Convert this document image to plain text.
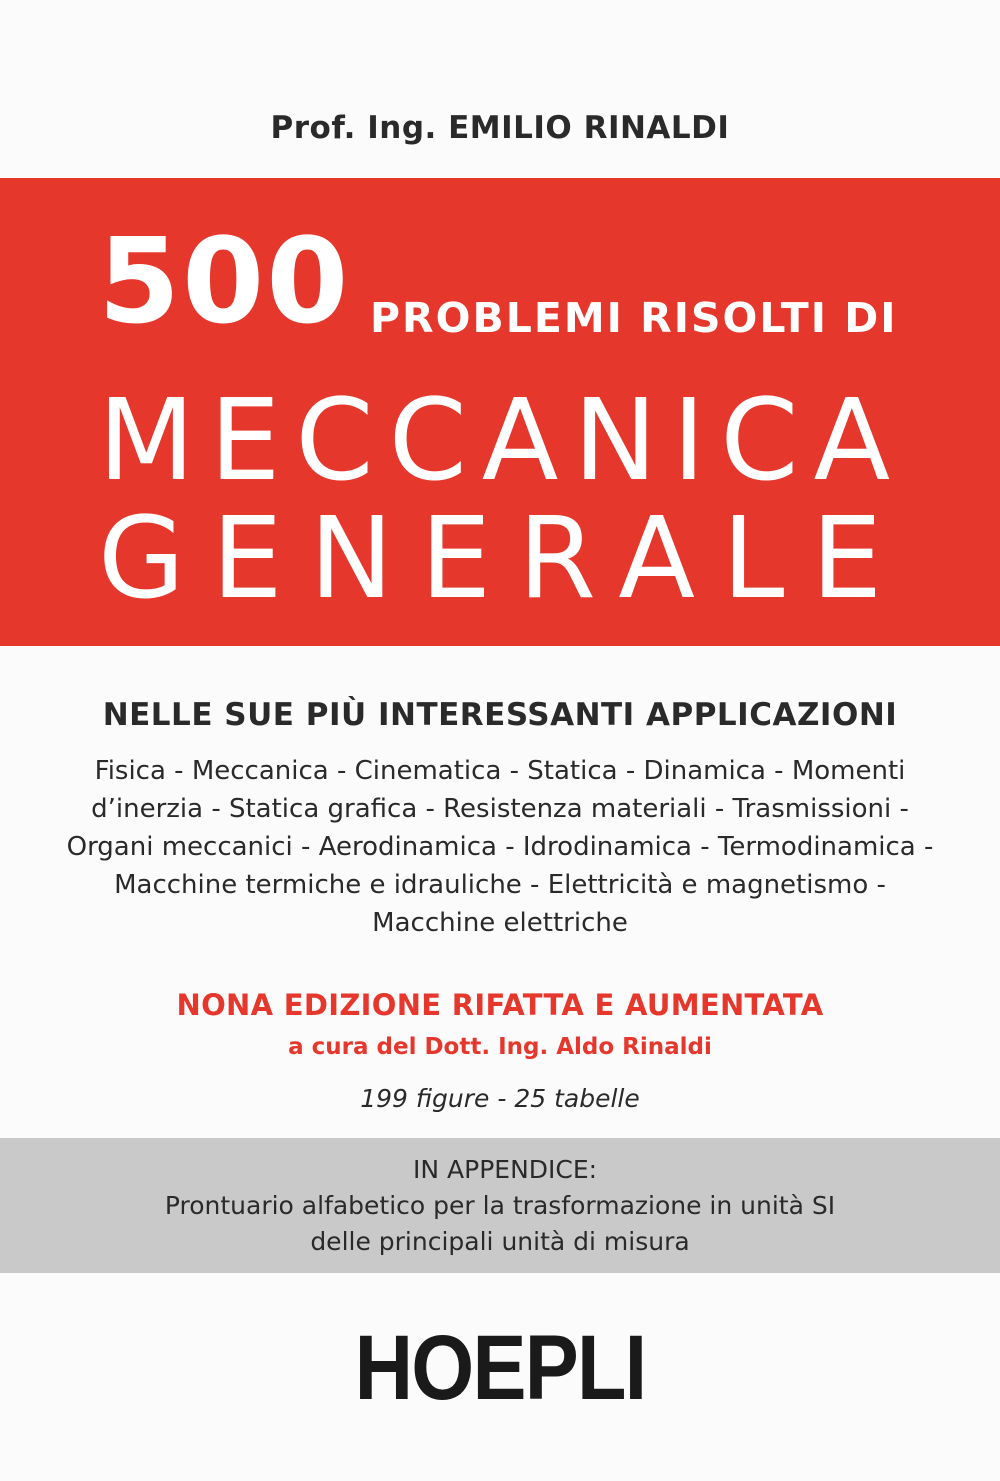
Prof. Ing. EMILIO RINALDI
500 PROBLEMI RISOLTI DI
MECCANICA
GENERALE
NELLE SUE PIÙ INTERESSANTI APPLICAZIONI
Fisica - Meccanica - Cinematica - Statica - Dinamica - Momenti
d’inerzia - Statica grafica - Resistenza materiali - Trasmissioni -
Organi meccanici - Aerodinamica - Idrodinamica - Termodinamica -
Macchine termiche e idrauliche - Elettricità e magnetismo -
Macchine elettriche
NONA EDIZIONE RIFATTA E AUMENTATA
a cura del Dott. Ing. Aldo Rinaldi
199 figure - 25 tabelle
IN APPENDICE:
Prontuario alfabetico per la trasformazione in unità SI
delle principali unità di misura
HOEPLI
